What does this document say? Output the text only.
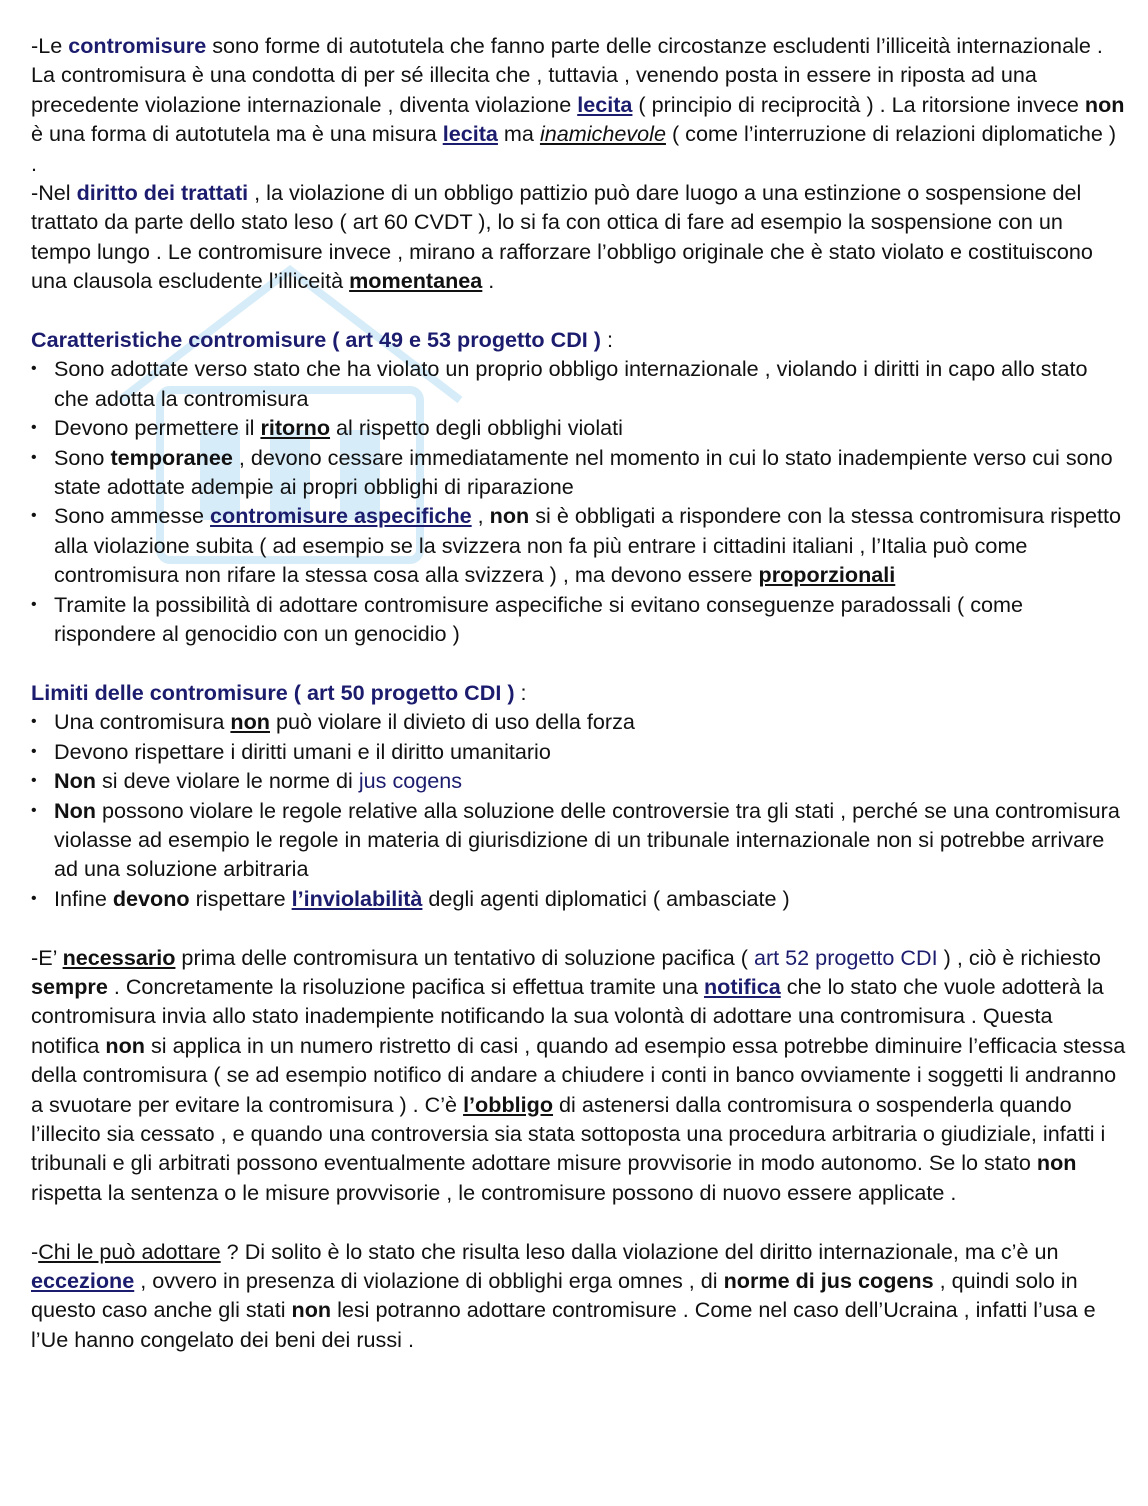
-Le contromisure sono forme di autotutela che fanno parte delle circostanze escludenti l’illiceità internazionale . La contromisura è una condotta di per sé illecita che , tuttavia , venendo posta in essere in riposta ad una precedente violazione internazionale , diventa violazione lecita ( principio di reciprocità ) . La ritorsione invece non è una forma di autotutela ma è una misura lecita ma inamichevole ( come l’interruzione di relazioni diplomatiche ) .

-Nel diritto dei trattati , la violazione di un obbligo pattizio può dare luogo a una estinzione o sospensione del trattato da parte dello stato leso ( art 60 CVDT ), lo si fa con ottica di fare ad esempio la sospensione con un tempo lungo . Le contromisure invece , mirano a rafforzare l’obbligo originale che è stato violato e costituiscono una clausola escludente l’illiceità momentanea .

Caratteristiche contromisure ( art 49 e 53 progetto CDI ) :

• Sono adottate verso stato che ha violato un proprio obbligo internazionale , violando i diritti in capo allo stato che adotta la contromisura
• Devono permettere il ritorno al rispetto degli obblighi violati
• Sono temporanee , devono cessare immediatamente nel momento in cui lo stato inadempiente verso cui sono state adottate adempie ai propri obblighi di riparazione
• Sono ammesse contromisure aspecifiche , non si è obbligati a rispondere con la stessa contromisura rispetto alla violazione subita ( ad esempio se la svizzera non fa più entrare i cittadini italiani , l’Italia può come contromisura non rifare la stessa cosa alla svizzera ) , ma devono essere proporzionali
• Tramite la possibilità di adottare contromisure aspecifiche si evitano conseguenze paradossali ( come rispondere al genocidio con un genocidio )

Limiti delle contromisure ( art 50 progetto CDI ) :

• Una contromisura non può violare il divieto di uso della forza
• Devono rispettare i diritti umani e il diritto umanitario
• Non si deve violare le norme di jus cogens
• Non possono violare le regole relative alla soluzione delle controversie tra gli stati , perché se una contromisura violasse ad esempio le regole in materia di giurisdizione di un tribunale internazionale non si potrebbe arrivare ad una soluzione arbitraria
• Infine devono rispettare l’inviolabilità degli agenti diplomatici ( ambasciate )

-E’ necessario prima delle contromisura un tentativo di soluzione pacifica ( art 52 progetto CDI ) , ciò è richiesto sempre . Concretamente la risoluzione pacifica si effettua tramite una notifica che lo stato che vuole adotterà la contromisura invia allo stato inadempiente notificando la sua volontà di adottare una contromisura . Questa notifica non si applica in un numero ristretto di casi , quando ad esempio essa potrebbe diminuire l’efficacia stessa della contromisura ( se ad esempio notifico di andare a chiudere i conti in banco ovviamente i soggetti li andranno a svuotare per evitare la contromisura ) . C’è l’obbligo di astenersi dalla contromisura o sospenderla quando l’illecito sia cessato , e quando una controversia sia stata sottoposta una procedura arbitraria o giudiziale, infatti i tribunali e gli arbitrati possono eventualmente adottare misure provvisorie in modo autonomo. Se lo stato non rispetta la sentenza o le misure provvisorie , le contromisure possono di nuovo essere applicate .

-Chi le può adottare ? Di solito è lo stato che risulta leso dalla violazione del diritto internazionale, ma c’è un eccezione , ovvero in presenza di violazione di obblighi erga omnes , di norme di jus cogens , quindi solo in questo caso anche gli stati non lesi potranno adottare contromisure . Come nel caso dell’Ucraina , infatti l’usa e l’Ue hanno congelato dei beni dei russi .
